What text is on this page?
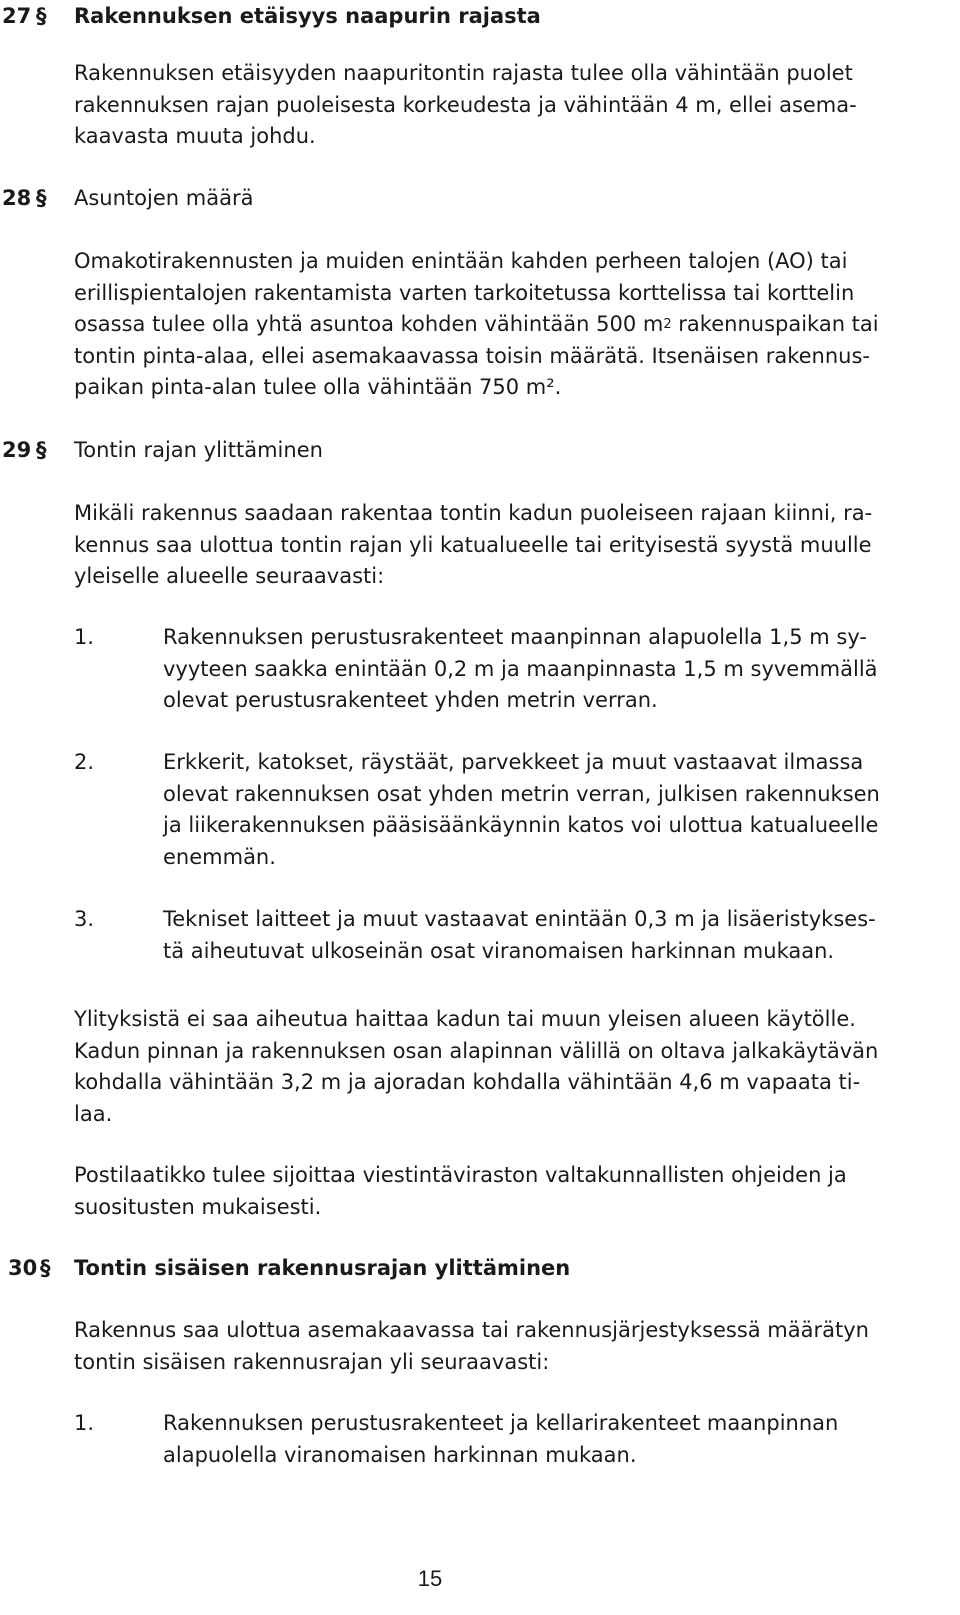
27 § Rakennuksen etäisyys naapurin rajasta
Rakennuksen etäisyyden naapuritontin rajasta tulee olla vähintään puolet
rakennuksen rajan puoleisesta korkeudesta ja vähintään 4 m, ellei asema-
kaavasta muuta johdu.
28 § Asuntojen määrä
Omakotirakennusten ja muiden enintään kahden perheen talojen (AO) tai
erillispientalojen rakentamista varten tarkoitetussa korttelissa tai korttelin
osassa tulee olla yhtä asuntoa kohden vähintään 500 $m^2$ rakennuspaikan tai
tontin pinta-alaa, ellei asemakaavassa toisin määrätä. Itsenäisen rakennus-
paikan pinta-alan tulee olla vähintään 750 m².
29 § Tontin rajan ylittäminen
Mikäli rakennus saadaan rakentaa tontin kadun puoleiseen rajaan kiinni, ra-
kennus saa ulottua tontin rajan yli katualueelle tai erityisestä syystä muulle
yleiselle alueelle seuraavasti:
1.	Rakennuksen perustusrakenteet maanpinnan alapuolella 1,5 m sy-
vyyteen saakka enintään 0,2 m ja maanpinnasta 1,5 m syvemmällä
olevat perustusrakenteet yhden metrin verran.
2.	Erkkerit, katokset, räystäät, parvekkeet ja muut vastaavat ilmassa
olevat rakennuksen osat yhden metrin verran, julkisen rakennuksen
ja liikerakennuksen pääsisäänkäynnin katos voi ulottua katualueelle
enemmän.
3.	Tekniset laitteet ja muut vastaavat enintään 0,3 m ja lisäeristykses-
tä aiheutuvat ulkoseinän osat viranomaisen harkinnan mukaan.
Ylityksistä ei saa aiheutua haittaa kadun tai muun yleisen alueen käytölle.
Kadun pinnan ja rakennuksen osan alapinnan välillä on oltava jalkakäytävän
kohdalla vähintään 3,2 m ja ajoradan kohdalla vähintään 4,6 m vapaata ti-
laa.
Postilaatikko tulee sijoittaa viestintäviraston valtakunnallisten ohjeiden ja
suositusten mukaisesti.
30 § Tontin sisäisen rakennusrajan ylittäminen
Rakennus saa ulottua asemakaavassa tai rakennusjärjestyksessä määrätyn
tontin sisäisen rakennusrajan yli seuraavasti:
1.	Rakennuksen perustusrakenteet ja kellarirakenteet maanpinnan
alapuolella viranomaisen harkinnan mukaan.
15
